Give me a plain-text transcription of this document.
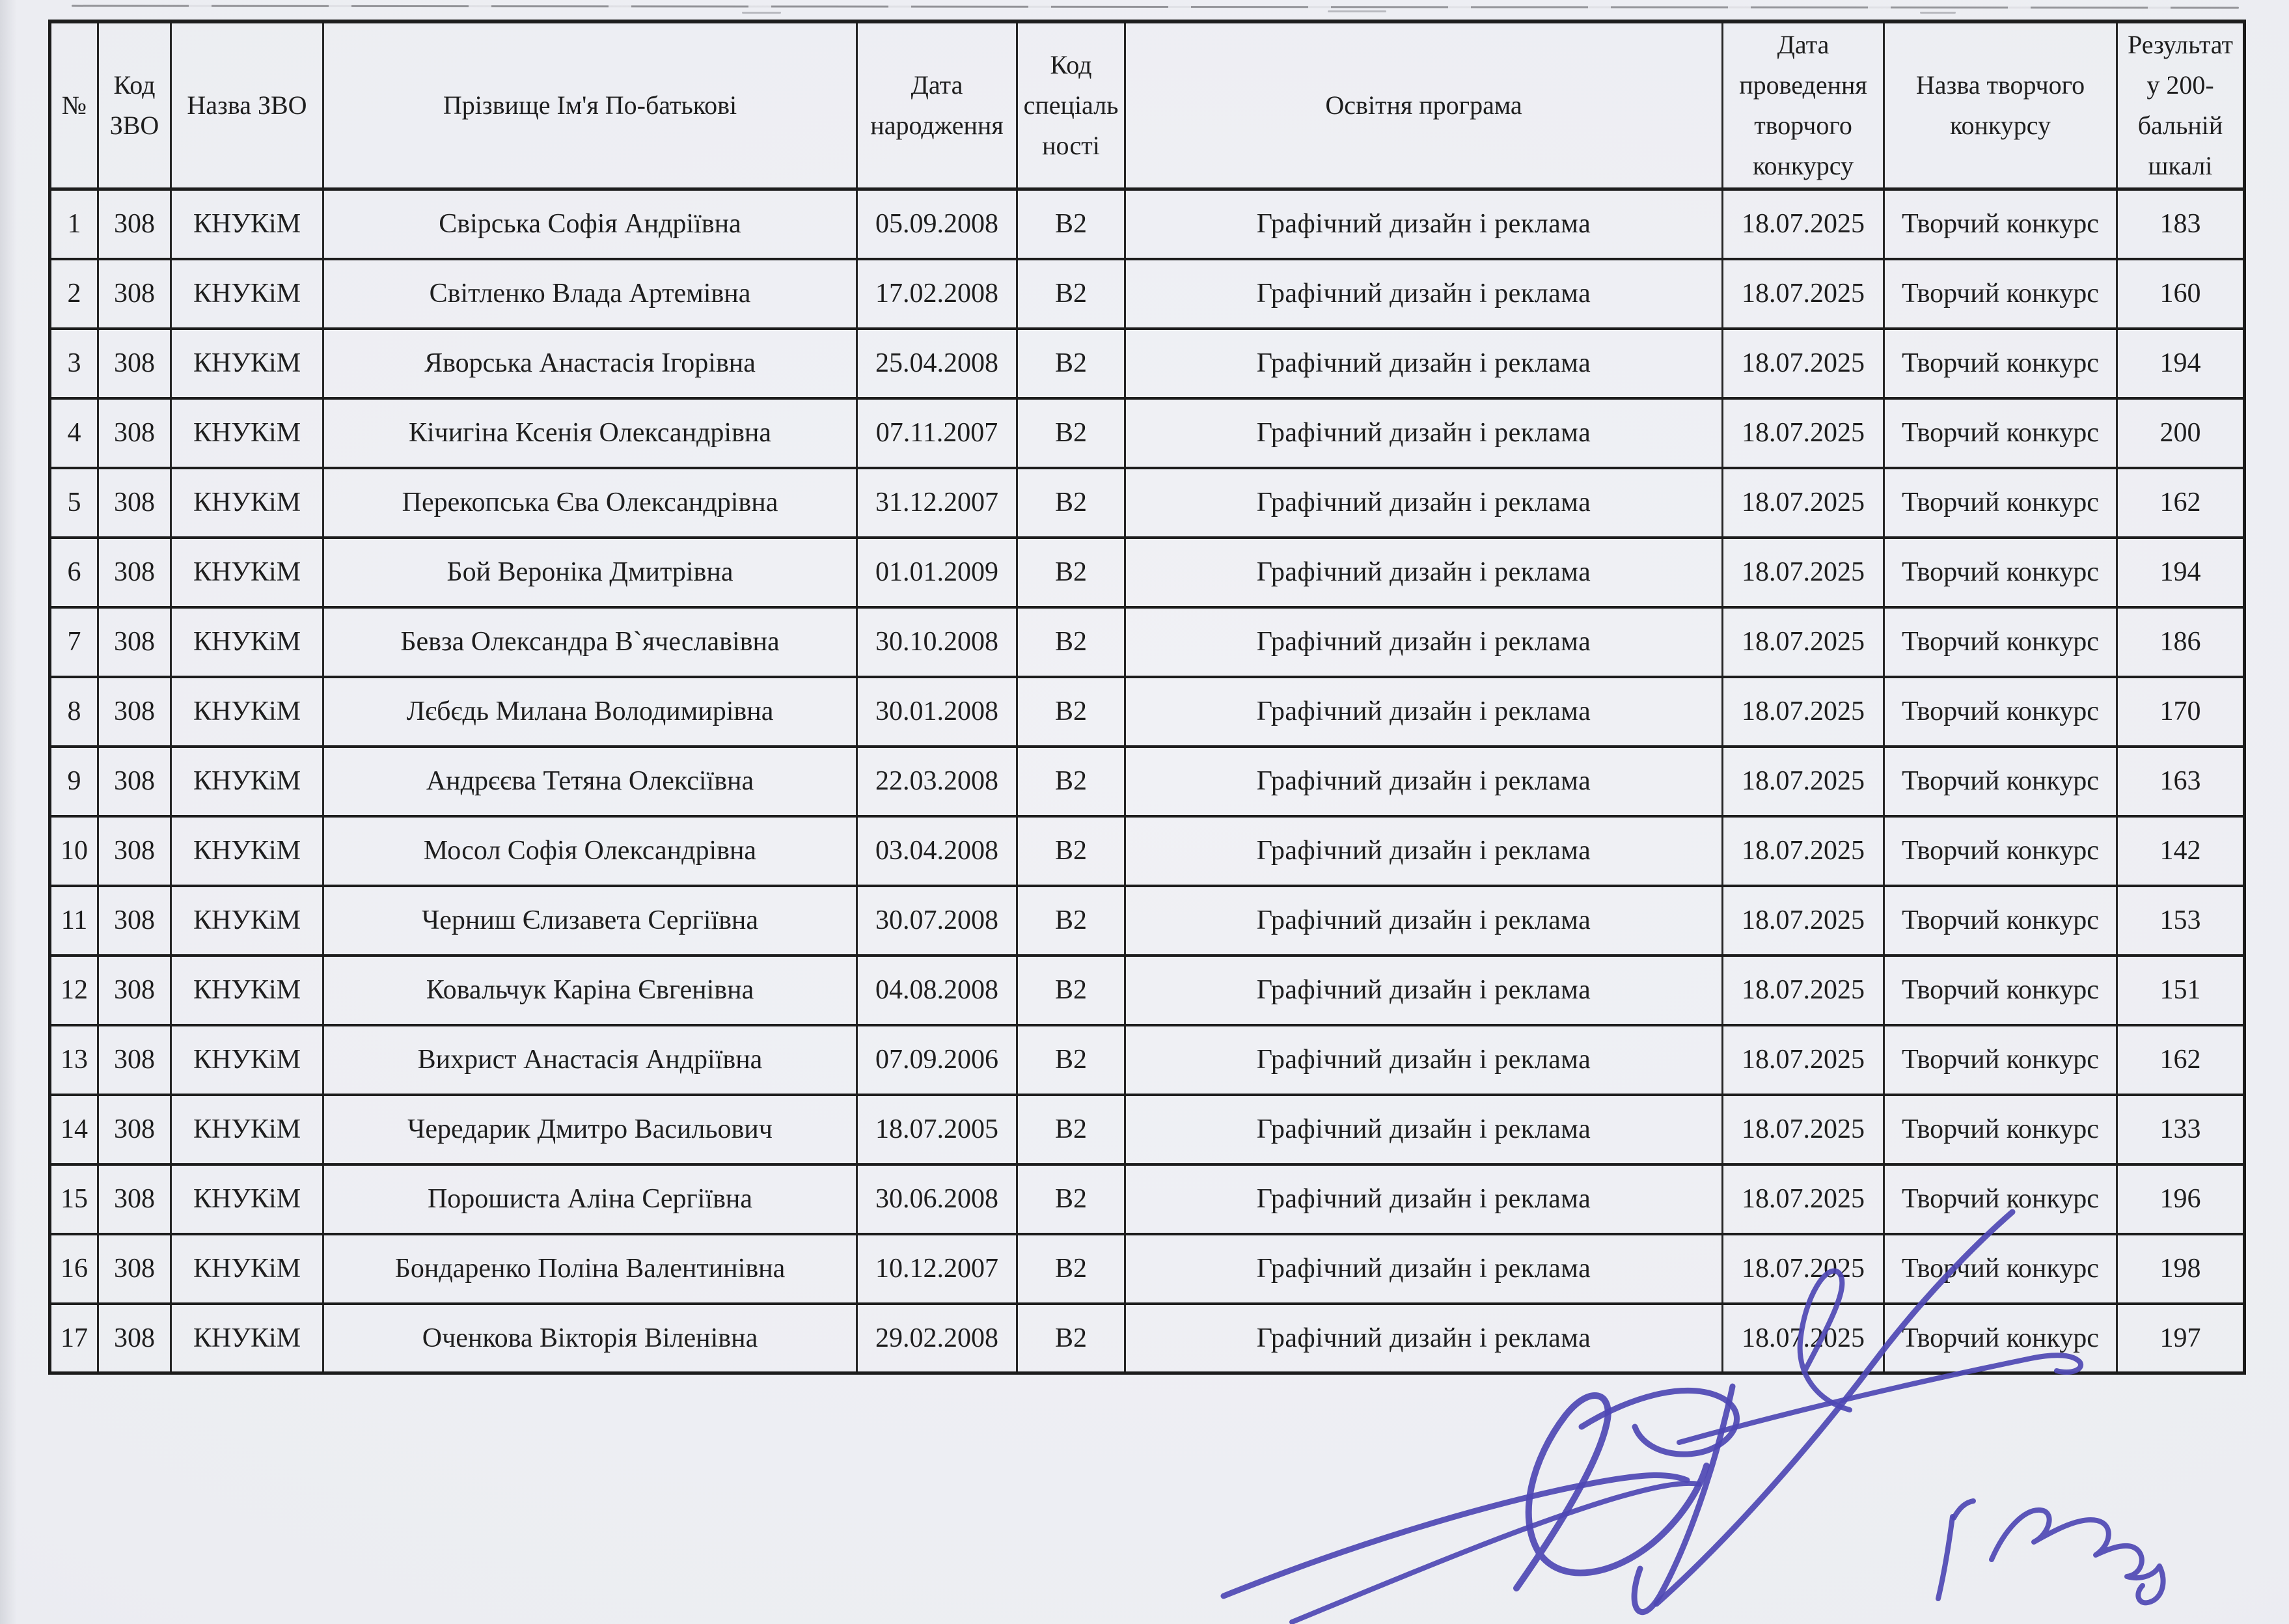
№	Код ЗВО	Назва ЗВО	Прізвище Ім'я По-батькові	Дата народження	Код спеціаль ності	Освітня програма	Дата проведення творчого конкурсу	Назва творчого конкурсу	Результат у 200- бальній шкалі
1	308	КНУКіМ	Свірська Софія Андріївна	05.09.2008	В2	Графічний дизайн і реклама	18.07.2025	Творчий конкурс	183
2	308	КНУКіМ	Світленко Влада Артемівна	17.02.2008	В2	Графічний дизайн і реклама	18.07.2025	Творчий конкурс	160
3	308	КНУКіМ	Яворська Анастасія Ігорівна	25.04.2008	В2	Графічний дизайн і реклама	18.07.2025	Творчий конкурс	194
4	308	КНУКіМ	Кічигіна Ксенія Олександрівна	07.11.2007	В2	Графічний дизайн і реклама	18.07.2025	Творчий конкурс	200
5	308	КНУКіМ	Перекопська Єва Олександрівна	31.12.2007	В2	Графічний дизайн і реклама	18.07.2025	Творчий конкурс	162
6	308	КНУКіМ	Бой Вероніка Дмитрівна	01.01.2009	В2	Графічний дизайн і реклама	18.07.2025	Творчий конкурс	194
7	308	КНУКіМ	Бевза Олександра В`ячеславівна	30.10.2008	В2	Графічний дизайн і реклама	18.07.2025	Творчий конкурс	186
8	308	КНУКіМ	Лєбєдь Милана Володимирівна	30.01.2008	В2	Графічний дизайн і реклама	18.07.2025	Творчий конкурс	170
9	308	КНУКіМ	Андрєєва Тетяна Олексіївна	22.03.2008	В2	Графічний дизайн і реклама	18.07.2025	Творчий конкурс	163
10	308	КНУКіМ	Мосол Софія Олександрівна	03.04.2008	В2	Графічний дизайн і реклама	18.07.2025	Творчий конкурс	142
11	308	КНУКіМ	Черниш Єлизавета Сергіївна	30.07.2008	В2	Графічний дизайн і реклама	18.07.2025	Творчий конкурс	153
12	308	КНУКіМ	Ковальчук Каріна Євгенівна	04.08.2008	В2	Графічний дизайн і реклама	18.07.2025	Творчий конкурс	151
13	308	КНУКіМ	Вихрист Анастасія Андріївна	07.09.2006	В2	Графічний дизайн і реклама	18.07.2025	Творчий конкурс	162
14	308	КНУКіМ	Чередарик Дмитро Васильович	18.07.2005	В2	Графічний дизайн і реклама	18.07.2025	Творчий конкурс	133
15	308	КНУКіМ	Порошиста Аліна Сергіївна	30.06.2008	В2	Графічний дизайн і реклама	18.07.2025	Творчий конкурс	196
16	308	КНУКіМ	Бондаренко Поліна Валентинівна	10.12.2007	В2	Графічний дизайн і реклама	18.07.2025	Творчий конкурс	198
17	308	КНУКіМ	Оченкова Вікторія Віленівна	29.02.2008	В2	Графічний дизайн і реклама	18.07.2025	Творчий конкурс	197
